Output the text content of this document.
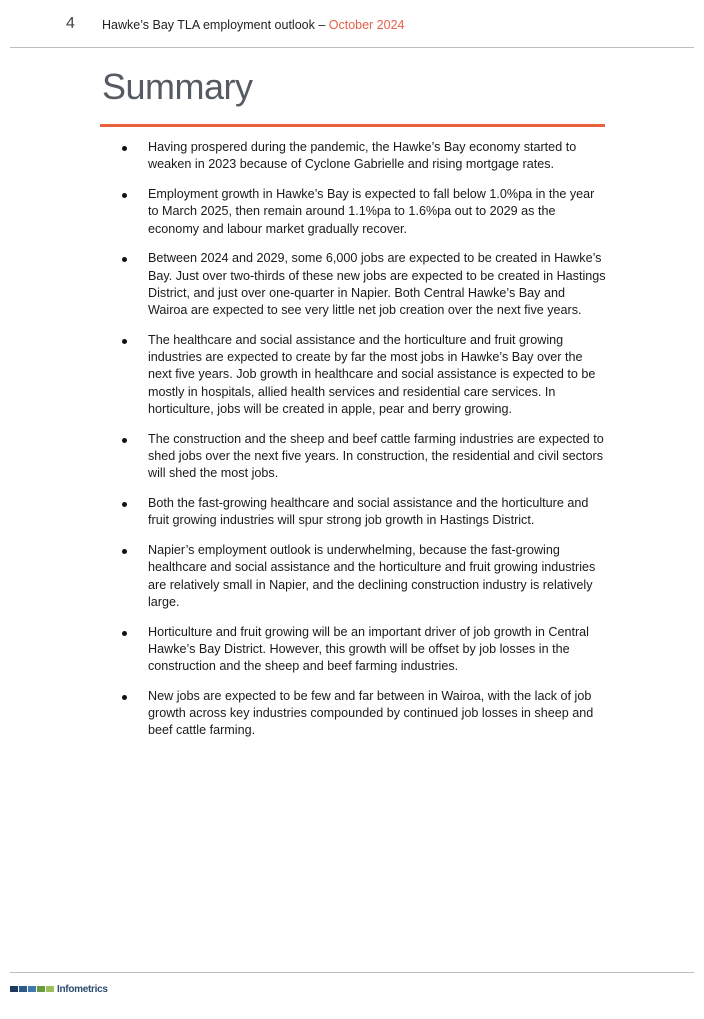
4 Hawke’s Bay TLA employment outlook – October 2024
Summary
Having prospered during the pandemic, the Hawke’s Bay economy started to weaken in 2023 because of Cyclone Gabrielle and rising mortgage rates.
Employment growth in Hawke’s Bay is expected to fall below 1.0%pa in the year to March 2025, then remain around 1.1%pa to 1.6%pa out to 2029 as the economy and labour market gradually recover.
Between 2024 and 2029, some 6,000 jobs are expected to be created in Hawke’s Bay. Just over two-thirds of these new jobs are expected to be created in Hastings District, and just over one-quarter in Napier. Both Central Hawke’s Bay and Wairoa are expected to see very little net job creation over the next five years.
The healthcare and social assistance and the horticulture and fruit growing industries are expected to create by far the most jobs in Hawke’s Bay over the next five years. Job growth in healthcare and social assistance is expected to be mostly in hospitals, allied health services and residential care services. In horticulture, jobs will be created in apple, pear and berry growing.
The construction and the sheep and beef cattle farming industries are expected to shed jobs over the next five years. In construction, the residential and civil sectors will shed the most jobs.
Both the fast-growing healthcare and social assistance and the horticulture and fruit growing industries will spur strong job growth in Hastings District.
Napier’s employment outlook is underwhelming, because the fast-growing healthcare and social assistance and the horticulture and fruit growing industries are relatively small in Napier, and the declining construction industry is relatively large.
Horticulture and fruit growing will be an important driver of job growth in Central Hawke’s Bay District. However, this growth will be offset by job losses in the construction and the sheep and beef farming industries.
New jobs are expected to be few and far between in Wairoa, with the lack of job growth across key industries compounded by continued job losses in sheep and beef cattle farming.
Infometrics
